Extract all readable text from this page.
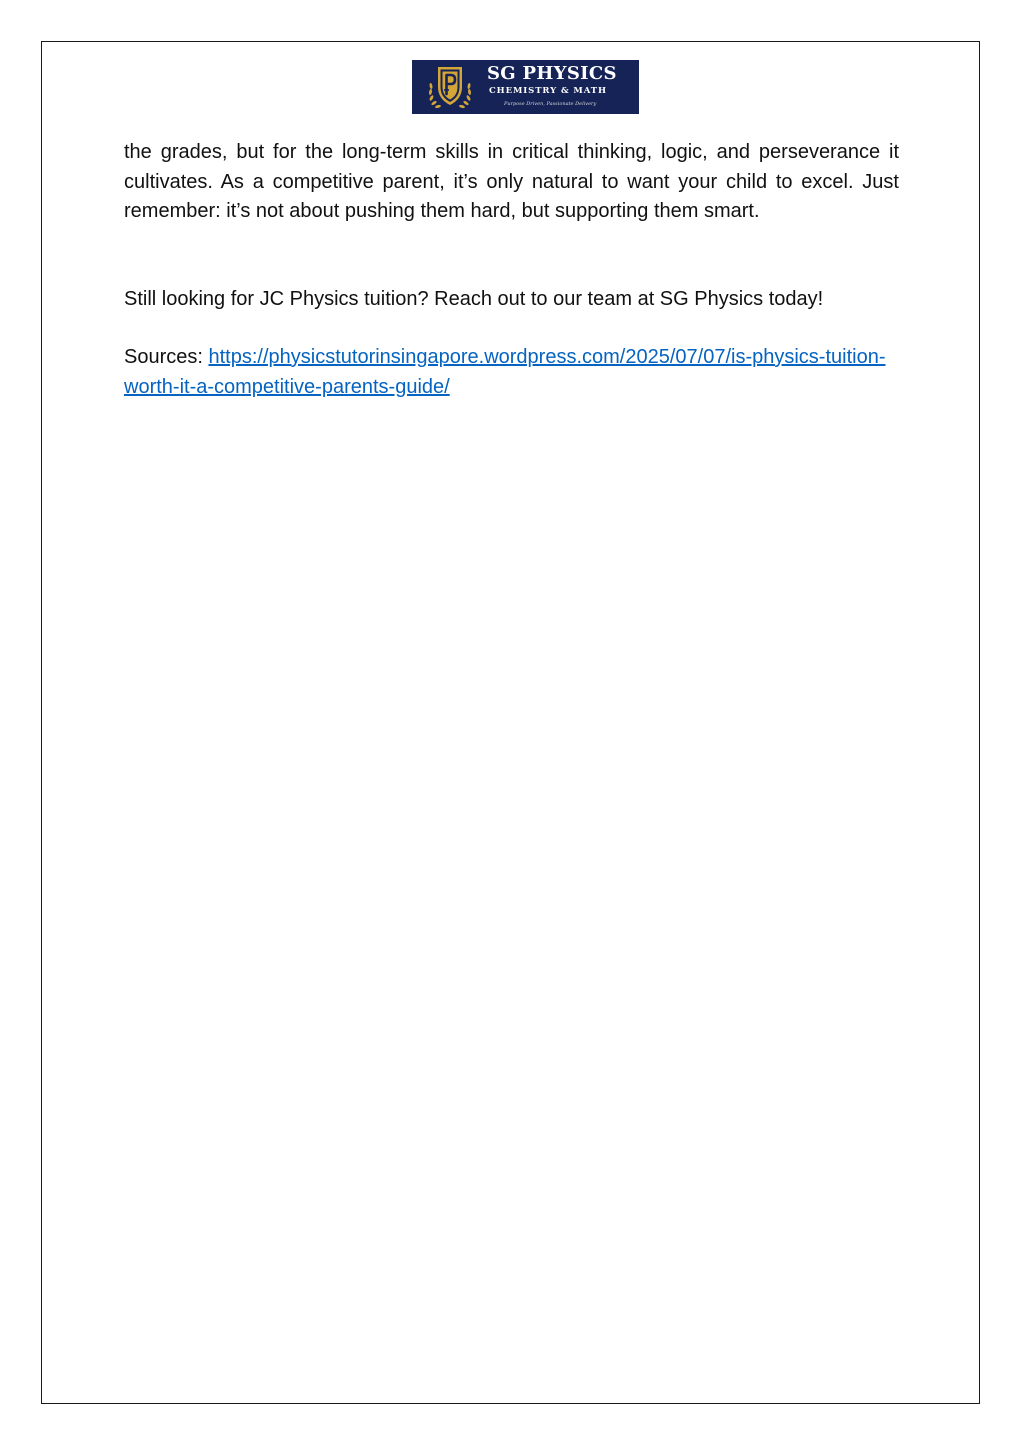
SG PHYSICS
CHEMISTRY & MATH
Purpose Driven, Passionate Delivery

the grades, but for the long-term skills in critical thinking, logic, and perseverance it cultivates. As a competitive parent, it’s only natural to want your child to excel. Just remember: it’s not about pushing them hard, but supporting them smart.

Still looking for JC Physics tuition? Reach out to our team at SG Physics today!

Sources: https://physicstutorinsingapore.wordpress.com/2025/07/07/is-physics-tuition-worth-it-a-competitive-parents-guide/
